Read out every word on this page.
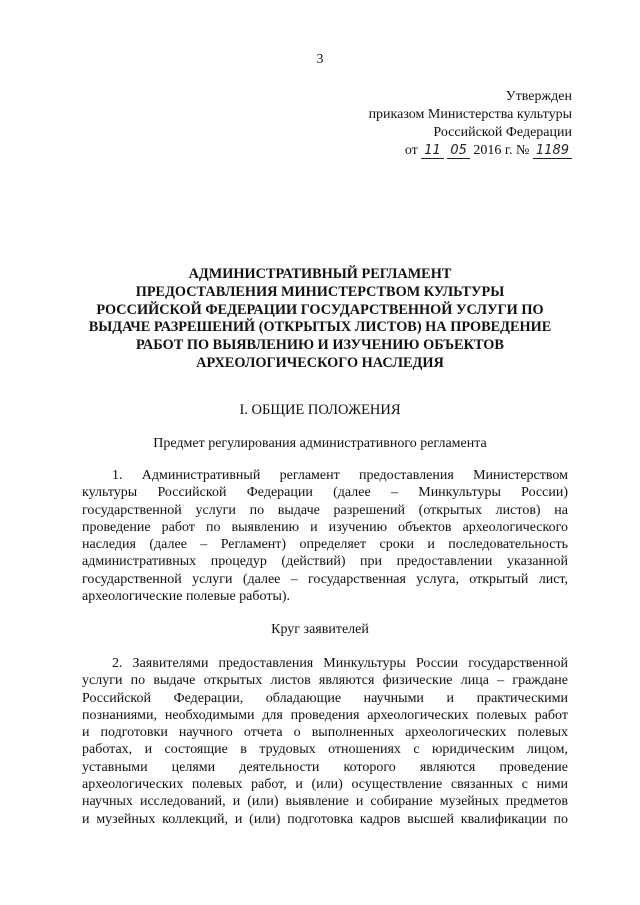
3
Утвержден
приказом Министерства культуры
Российской Федерации
от 11 05 2016 г. № 1189
АДМИНИСТРАТИВНЫЙ РЕГЛАМЕНТ
ПРЕДОСТАВЛЕНИЯ МИНИСТЕРСТВОМ КУЛЬТУРЫ
РОССИЙСКОЙ ФЕДЕРАЦИИ ГОСУДАРСТВЕННОЙ УСЛУГИ ПО
ВЫДАЧЕ РАЗРЕШЕНИЙ (ОТКРЫТЫХ ЛИСТОВ) НА ПРОВЕДЕНИЕ
РАБОТ ПО ВЫЯВЛЕНИЮ И ИЗУЧЕНИЮ ОБЪЕКТОВ
АРХЕОЛОГИЧЕСКОГО НАСЛЕДИЯ
I. ОБЩИЕ ПОЛОЖЕНИЯ
Предмет регулирования административного регламента
1. Административный регламент предоставления Министерством
культуры Российской Федерации (далее – Минкультуры России)
государственной услуги по выдаче разрешений (открытых листов) на
проведение работ по выявлению и изучению объектов археологического
наследия (далее – Регламент) определяет сроки и последовательность
административных процедур (действий) при предоставлении указанной
государственной услуги (далее – государственная услуга, открытый лист,
археологические полевые работы).
Круг заявителей
2. Заявителями предоставления Минкультуры России государственной
услуги по выдаче открытых листов являются физические лица – граждане
Российской Федерации, обладающие научными и практическими
познаниями, необходимыми для проведения археологических полевых работ
и подготовки научного отчета о выполненных археологических полевых
работах, и состоящие в трудовых отношениях с юридическим лицом,
уставными целями деятельности которого являются проведение
археологических полевых работ, и (или) осуществление связанных с ними
научных исследований, и (или) выявление и собирание музейных предметов
и музейных коллекций, и (или) подготовка кадров высшей квалификации по
